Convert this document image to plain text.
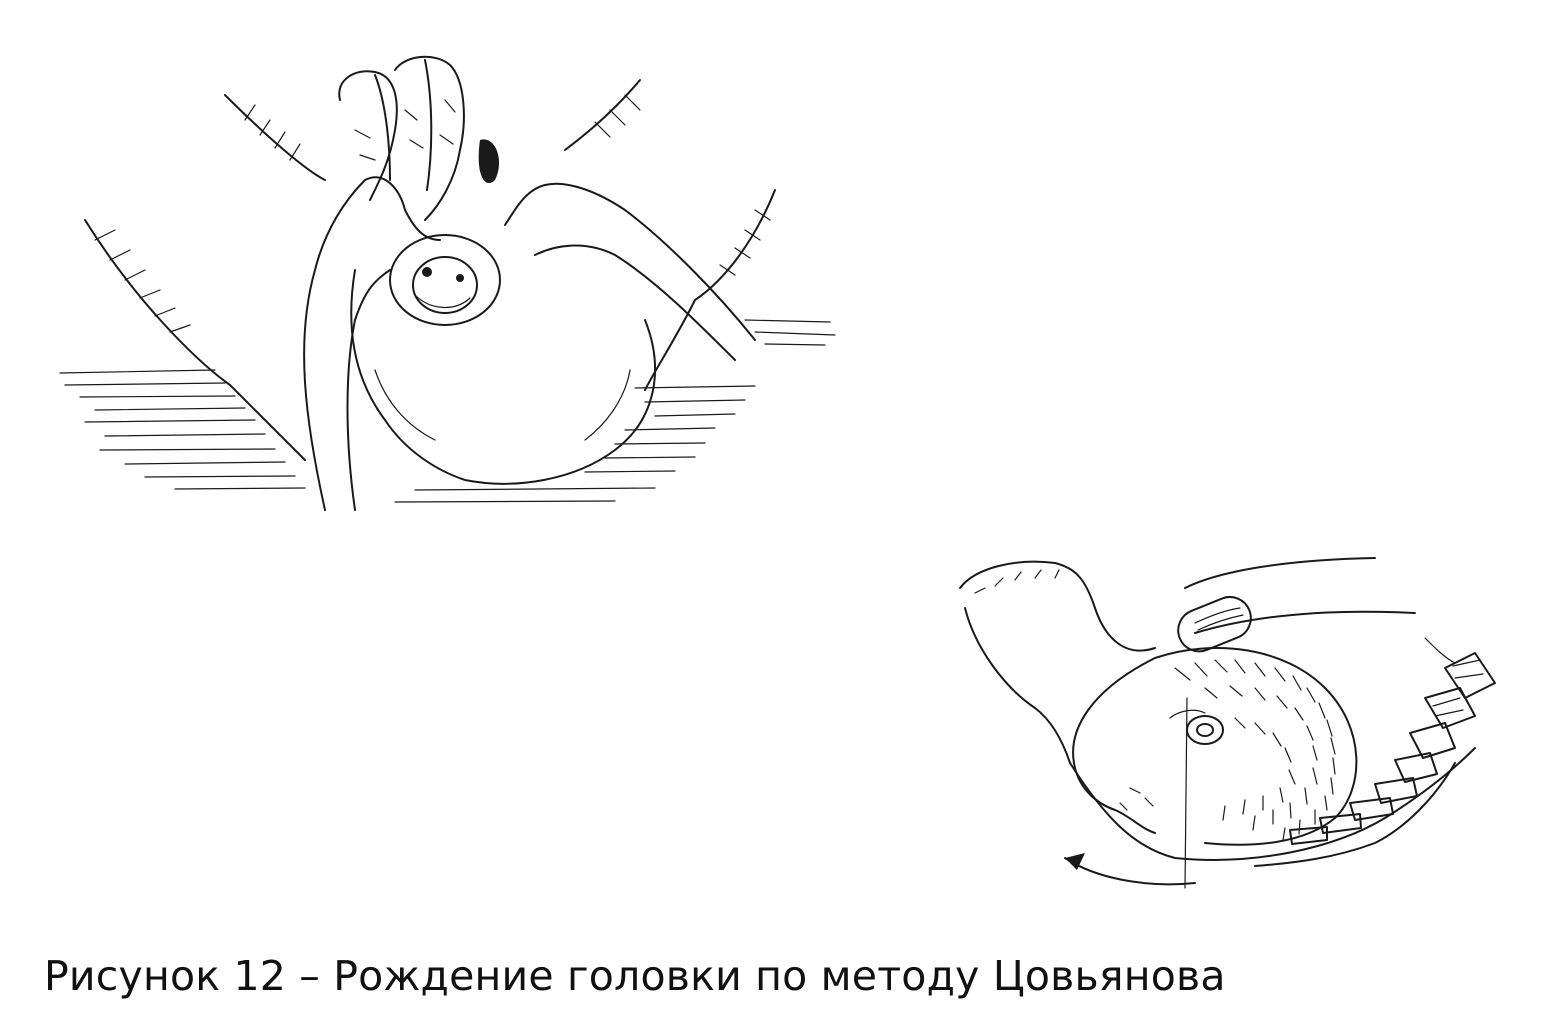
Рисунок 12 – Рождение головки по методу Цовьянова
